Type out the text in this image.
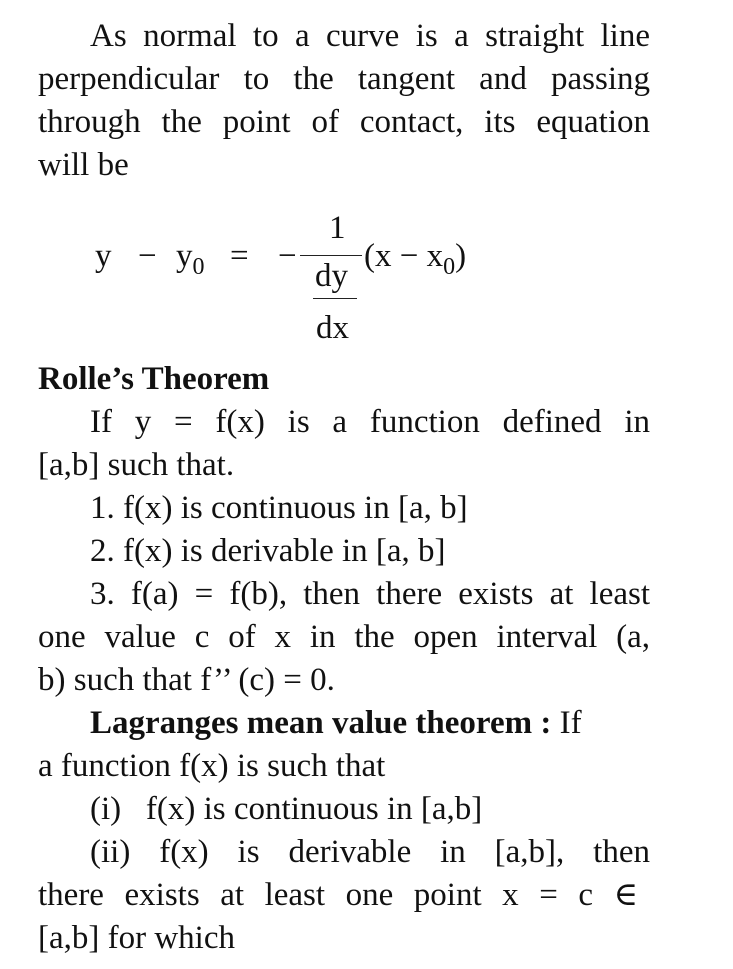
As normal to a curve is a straight line
perpendicular to the tangent and passing
through the point of contact, its equation
will be
$y - y_0$ = −
1
dy
dx
$(x - x_0)$
Rolle’s Theorem
If y = f(x) is a function defined in
[a,b] such that.
1. f(x) is continuous in [a, b]
2. f(x) is derivable in [a, b]
3. f(a) = f(b), then there exists at least
one value c of x in the open interval (a,
b) such that f’’ (c) = 0.
Lagranges mean value theorem : If
a function f(x) is such that
(i)   f(x) is continuous in [a,b]
(ii)  f(x)  is  derivable  in  [a,b],  then
there exists at least one point x = c ∈
[a,b] for which
